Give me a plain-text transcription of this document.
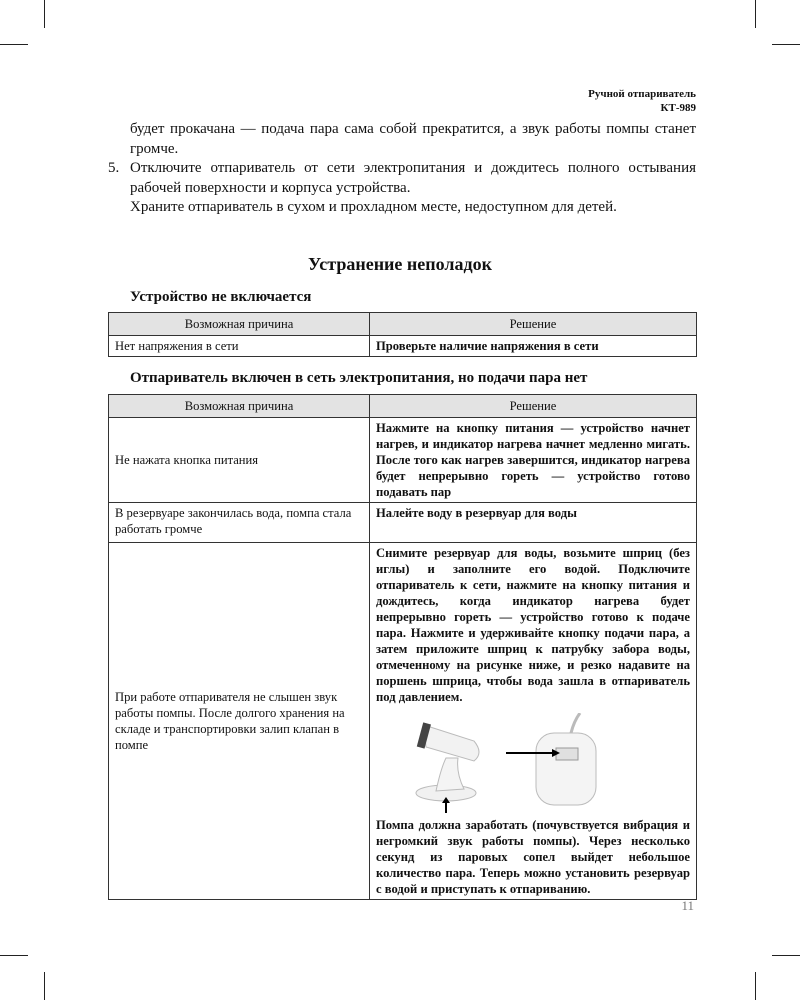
Ручной отпариватель
КТ-989
будет прокачана — подача пара сама собой прекратится, а звук работы помпы станет громче.
5. Отключите отпариватель от сети электропитания и дождитесь полного остывания рабочей поверхности и корпуса устройства.
Храните отпариватель в сухом и прохладном месте, недоступном для детей.
Устранение неполадок
Устройство не включается
Возможная причина	Решение
Нет напряжения в сети	Проверьте наличие напряжения в сети
Отпариватель включен в сеть электропитания, но подачи пара нет
Возможная причина	Решение
Не нажата кнопка питания	Нажмите на кнопку питания — устройство начнет нагрев, и индикатор нагрева начнет медленно мигать. После того как нагрев завершится, индикатор нагрева будет непрерывно гореть — устройство готово подавать пар
В резервуаре закончилась вода, помпа стала работать громче	Налейте воду в резервуар для воды
При работе отпаривателя не слышен звук работы помпы. После долгого хранения на складе и транспортировки залип клапан в помпе	Снимите резервуар для воды, возьмите шприц (без иглы) и заполните его водой. Подключите отпариватель к сети, нажмите на кнопку питания и дождитесь, когда индикатор нагрева будет непрерывно гореть — устройство готово к подаче пара. Нажмите и удерживайте кнопку подачи пара, а затем приложите шприц к патрубку забора воды, отмеченному на рисунке ниже, и резко надавите на поршень шприца, чтобы вода зашла в отпариватель под давлением.
Помпа должна заработать (почувствуется вибрация и негромкий звук работы помпы). Через несколько секунд из паровых сопел выйдет небольшое количество пара. Теперь можно установить резервуар с водой и приступать к отпариванию.
11
